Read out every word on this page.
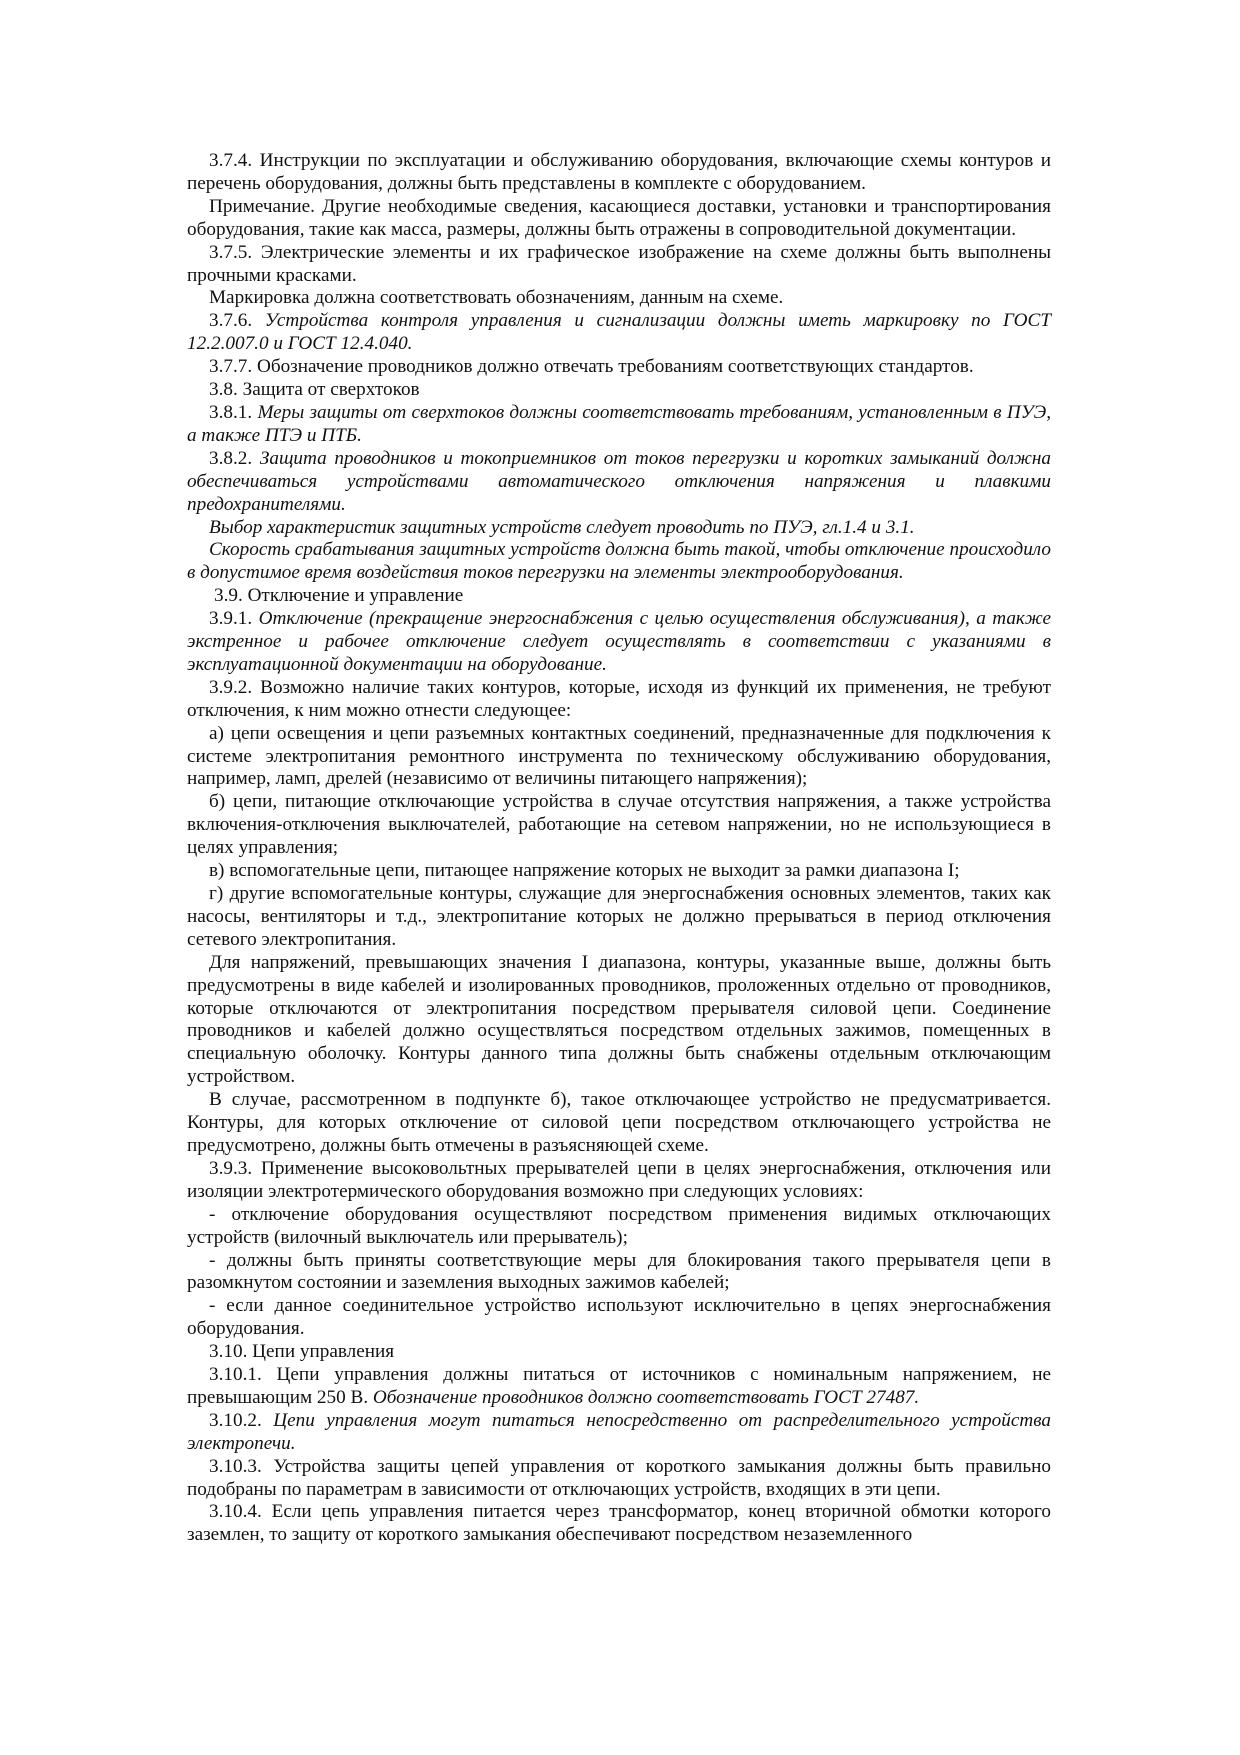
3.7.4. Инструкции по эксплуатации и обслуживанию оборудования, включающие схемы контуров и перечень оборудования, должны быть представлены в комплекте с оборудованием.

Примечание. Другие необходимые сведения, касающиеся доставки, установки и транспортирования оборудования, такие как масса, размеры, должны быть отражены в сопроводительной документации.

3.7.5. Электрические элементы и их графическое изображение на схеме должны быть выполнены прочными красками.

Маркировка должна соответствовать обозначениям, данным на схеме.

3.7.6. Устройства контроля управления и сигнализации должны иметь маркировку по ГОСТ 12.2.007.0 и ГОСТ 12.4.040.

3.7.7. Обозначение проводников должно отвечать требованиям соответствующих стандартов.

3.8. Защита от сверхтоков

3.8.1. Меры защиты от сверхтоков должны соответствовать требованиям, установленным в ПУЭ, а также ПТЭ и ПТБ.

3.8.2. Защита проводников и токоприемников от токов перегрузки и коротких замыканий должна обеспечиваться устройствами автоматического отключения напряжения и плавкими предохранителями.

Выбор характеристик защитных устройств следует проводить по ПУЭ, гл.1.4 и 3.1.

Скорость срабатывания защитных устройств должна быть такой, чтобы отключение происходило в допустимое время воздействия токов перегрузки на элементы электрооборудования.

3.9. Отключение и управление

3.9.1. Отключение (прекращение энергоснабжения с целью осуществления обслуживания), а также экстренное и рабочее отключение следует осуществлять в соответствии с указаниями в эксплуатационной документации на оборудование.

3.9.2. Возможно наличие таких контуров, которые, исходя из функций их применения, не требуют отключения, к ним можно отнести следующее:

а) цепи освещения и цепи разъемных контактных соединений, предназначенные для подключения к системе электропитания ремонтного инструмента по техническому обслуживанию оборудования, например, ламп, дрелей (независимо от величины питающего напряжения);

б) цепи, питающие отключающие устройства в случае отсутствия напряжения, а также устройства включения-отключения выключателей, работающие на сетевом напряжении, но не использующиеся в целях управления;

в) вспомогательные цепи, питающее напряжение которых не выходит за рамки диапазона I;

г) другие вспомогательные контуры, служащие для энергоснабжения основных элементов, таких как насосы, вентиляторы и т.д., электропитание которых не должно прерываться в период отключения сетевого электропитания.

Для напряжений, превышающих значения I диапазона, контуры, указанные выше, должны быть предусмотрены в виде кабелей и изолированных проводников, проложенных отдельно от проводников, которые отключаются от электропитания посредством прерывателя силовой цепи. Соединение проводников и кабелей должно осуществляться посредством отдельных зажимов, помещенных в специальную оболочку. Контуры данного типа должны быть снабжены отдельным отключающим устройством.

В случае, рассмотренном в подпункте б), такое отключающее устройство не предусматривается. Контуры, для которых отключение от силовой цепи посредством отключающего устройства не предусмотрено, должны быть отмечены в разъясняющей схеме.

3.9.3. Применение высоковольтных прерывателей цепи в целях энергоснабжения, отключения или изоляции электротермического оборудования возможно при следующих условиях:

- отключение оборудования осуществляют посредством применения видимых отключающих устройств (вилочный выключатель или прерыватель);

- должны быть приняты соответствующие меры для блокирования такого прерывателя цепи в разомкнутом состоянии и заземления выходных зажимов кабелей;

- если данное соединительное устройство используют исключительно в цепях энергоснабжения оборудования.

3.10. Цепи управления

3.10.1. Цепи управления должны питаться от источников с номинальным напряжением, не превышающим 250 В. Обозначение проводников должно соответствовать ГОСТ 27487.

3.10.2. Цепи управления могут питаться непосредственно от распределительного устройства электропечи.

3.10.3. Устройства защиты цепей управления от короткого замыкания должны быть правильно подобраны по параметрам в зависимости от отключающих устройств, входящих в эти цепи.

3.10.4. Если цепь управления питается через трансформатор, конец вторичной обмотки которого заземлен, то защиту от короткого замыкания обеспечивают посредством незаземленного
